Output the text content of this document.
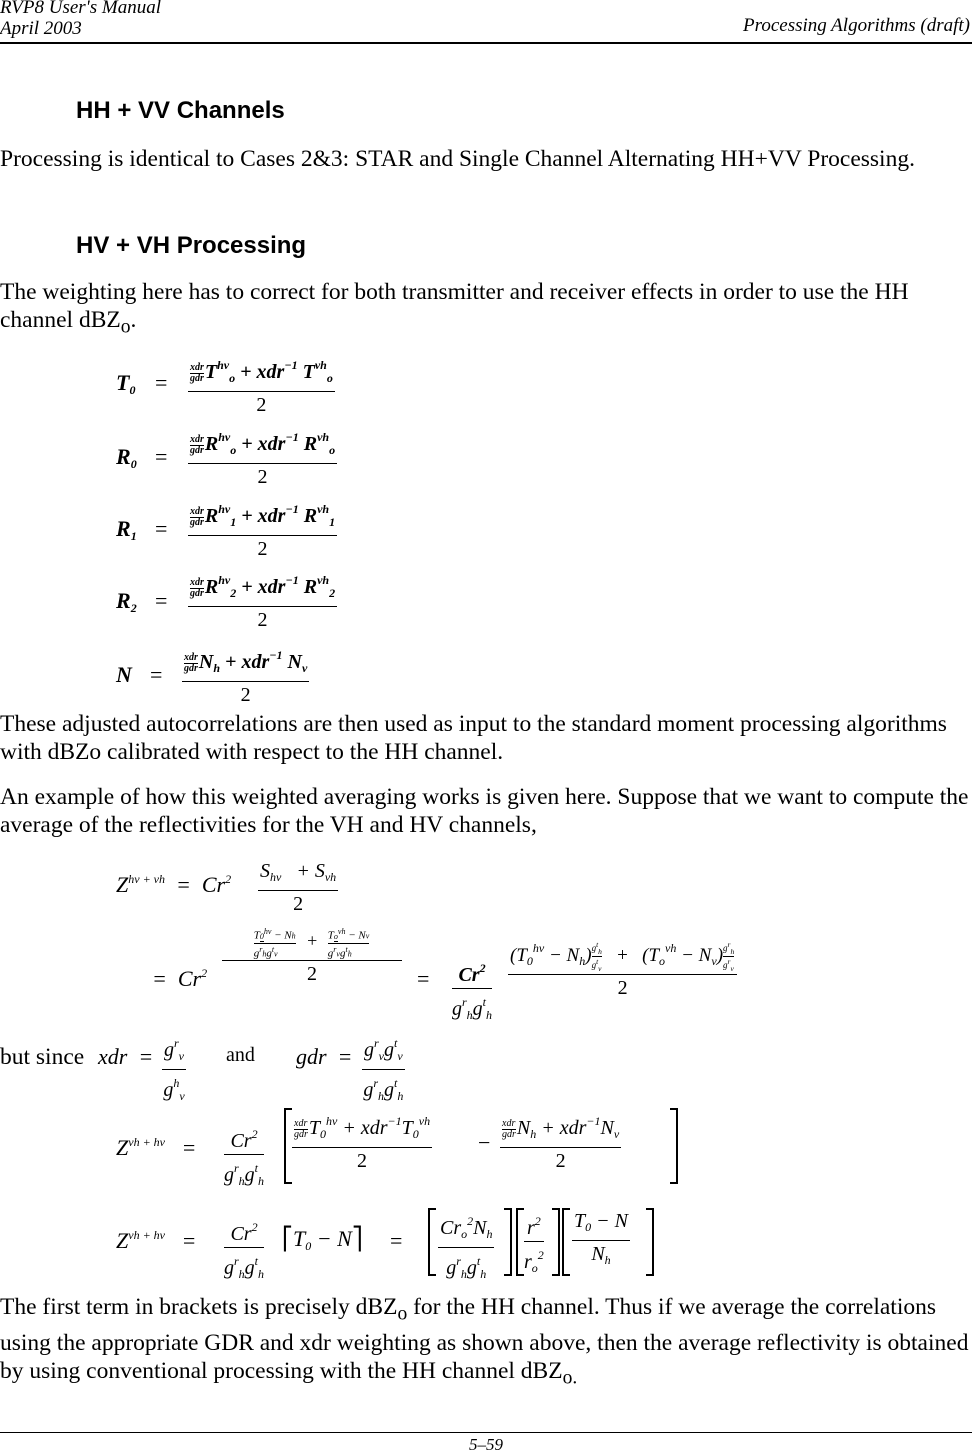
RVP8 User's Manual
April 2003	Processing Algorithms (draft)
HH + VV Channels

Processing is identical to Cases 2&3: STAR and Single Channel Alternating HH+VV Processing.

HV + VH Processing

The weighting here has to correct for both transmitter and receiver effects in order to use the HH channel dBZ$_o$.

$T_0$ =
xdr
gdr $T^{hv}_o + xdr^{-1}$ $T^{vh}_o$
2
$R_0$ =
xdr
gdr $R^{hv}_o + xdr^{-1}$ $R^{vh}_o$
2
$R_1$ =
xdr
gdr $R^{hv}_1 + xdr^{-1}$ $R^{vh}_1$
2
$R_2$ =
xdr
gdr $R^{hv}_2 + xdr^{-1}$ $R^{vh}_2$
2
N =
xdr
gdr $N_h + xdr^{-1}$ $N_v$
2

These adjusted autocorrelations are then used as input to the standard moment processing algorithms with dBZo calibrated with respect to the HH channel.

An example of how this weighted averaging works is given here. Suppose that we want to compute the average of the reflectivities for the VH and HV channels,

$Z^{hv + vh} = Cr^2$ $S_{hv} + S_{vh}$
2
=  Cr$^2$
$T0^{hv} - Nh$
$g^rhg^tv$
+ $To^{vh} - Nv$
$g^rvg^th$
2	= $Cr^2$
$g^r_hg^t_h$
$(T_0^{hv} - N_h)$ $g^t_h$
$g^t_v$
+   $(T_o^{vh} - N_v)$ $g^r_h$
$g^r_v$
2
but since xdr  = $g^r_v$
$g^h_v$
and gdr  = $g^r_vg^t_v$
$g^r_hg^t_h$
$Z^{vh + hv} = Cr^2$
$g^r_hg^t_h$
xdr
gdr $T_0^{hv} + xdr^{-1}T_0^{vh}$
2
−
xdr
gdr $N_h + xdr^{-1}N_v$
2
$Z^{vh + hv} = Cr^2$
$g^r_hg^t_h$
$⎡T_0$ − N⎤ = $Cr_o^2N_h$
$g^r_hg^t_h$
$r^2$
$r_o^2$
$T_0 - N$
$N_h$

The first term in brackets is precisely dBZ$_o$ for the HH channel. Thus if we average the correlations using the appropriate GDR and xdr weighting as shown above, then the average reflectivity is obtained by using conventional processing with the HH channel dBZ$_{o.}$

5–59
